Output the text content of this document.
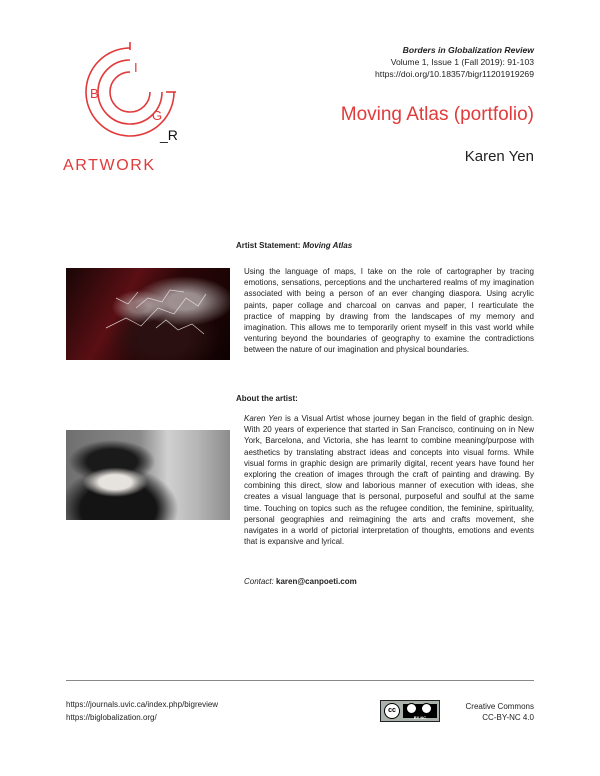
I
B
G
_R
ARTWORK
Borders in Globalization Review
Volume 1, Issue 1 (Fall 2019): 91-103
https://doi.org/10.18357/bigr11201919269
Moving Atlas (portfolio)
Karen Yen
Artist Statement: Moving Atlas

Using the language of maps, I take on the role of cartographer by tracing emotions, sensations, perceptions and the unchartered realms of my imagination associated with being a person of an ever changing diaspora. Using acrylic paints, paper collage and charcoal on canvas and paper, I rearticulate the practice of mapping by drawing from the landscapes of my memory and imagination. This allows me to temporarily orient myself in this vast world while venturing beyond the boundaries of geography to examine the contradictions between the nature of our imagination and physical boundaries.

About the artist:

Karen Yen is a Visual Artist whose journey began in the field of graphic design. With 20 years of experience that started in San Francisco, continuing on in New York, Barcelona, and Victoria, she has learnt to combine meaning/purpose with aesthetics by translating abstract ideas and concepts into visual forms. While visual forms in graphic design are primarily digital, recent years have found her exploring the creation of images through the craft of painting and drawing. By combining this direct, slow and laborious manner of execution with ideas, she creates a visual language that is personal, purposeful and soulful at the same time. Touching on topics such as the refugee condition, the feminine, spirituality, personal geographies and reimagining the arts and crafts movement, she navigates in a world of pictorial interpretation of thoughts, emotions and events that is expansive and lyrical.

Contact: karen@canpoeti.com
https://journals.uvic.ca/index.php/bigreview
https://biglobalization.org/
cc
BY NC
Creative Commons
CC-BY-NC 4.0
